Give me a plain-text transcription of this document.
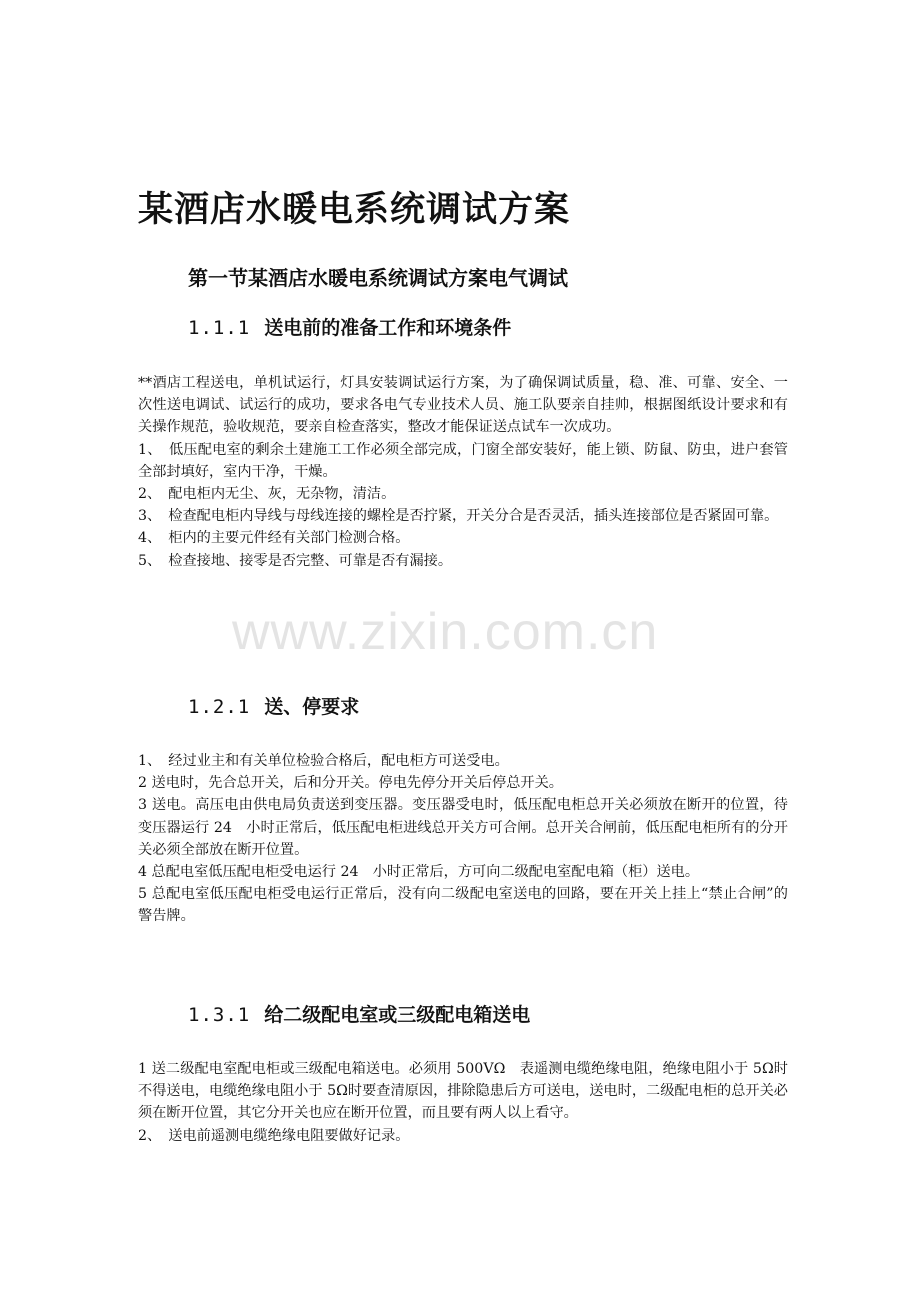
某酒店水暖电系统调试方案
第一节某酒店水暖电系统调试方案电气调试
1.1.1 送电前的准备工作和环境条件

**酒店工程送电，单机试运行，灯具安装调试运行方案，为了确保调试质量，稳、准、可靠、安全、一次性送电调试、试运行的成功，要求各电气专业技术人员、施工队要亲自挂帅，根据图纸设计要求和有关操作规范，验收规范，要亲自检查落实，整改才能保证送点试车一次成功。

1、　低压配电室的剩余土建施工工作必须全部完成，门窗全部安装好，能上锁、防鼠、防虫，进户套管全部封填好，室内干净，干燥。

2、　配电柜内无尘、灰，无杂物，清洁。

3、　检查配电柜内导线与母线连接的螺栓是否拧紧，开关分合是否灵活，插头连接部位是否紧固可靠。

4、　柜内的主要元件经有关部门检测合格。

5、　检查接地、接零是否完整、可靠是否有漏接。

1.2.1 送、停要求

1、　经过业主和有关单位检验合格后，配电柜方可送受电。

2 送电时，先合总开关，后和分开关。停电先停分开关后停总开关。

3 送电。高压电由供电局负责送到变压器。变压器受电时，低压配电柜总开关必须放在断开的位置，待变压器运行 24　小时正常后，低压配电柜进线总开关方可合闸。总开关合闸前，低压配电柜所有的分开关必须全部放在断开位置。

4 总配电室低压配电柜受电运行 24　小时正常后，方可向二级配电室配电箱（柜）送电。

5 总配电室低压配电柜受电运行正常后，没有向二级配电室送电的回路，要在开关上挂上“禁止合闸”的警告牌。

1.3.1 给二级配电室或三级配电箱送电

1 送二级配电室配电柜或三级配电箱送电。必须用 500VΩ　表遥测电缆绝缘电阻，绝缘电阻小于 5Ω时不得送电，电缆绝缘电阻小于 5Ω时要查清原因，排除隐患后方可送电，送电时，二级配电柜的总开关必须在断开位置，其它分开关也应在断开位置，而且要有两人以上看守。

2、　送电前遥测电缆绝缘电阻要做好记录。

www.zixin.com.cn
